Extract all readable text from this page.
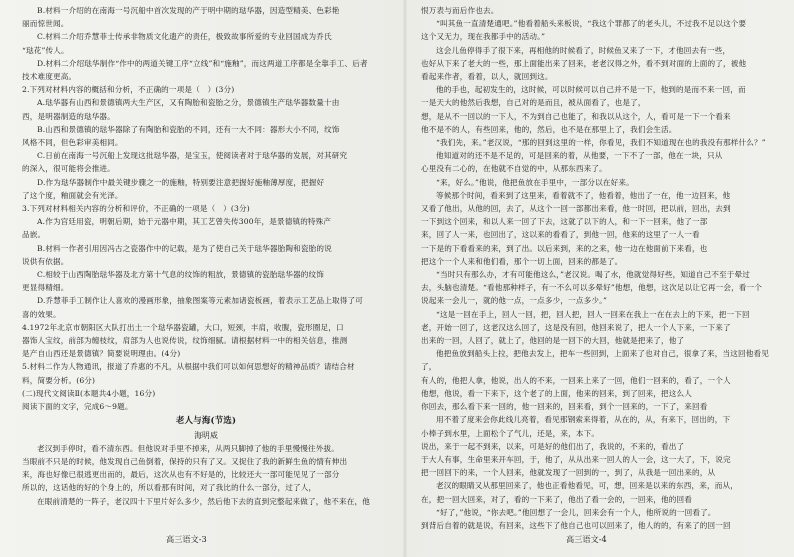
B.材料一介绍的在南海一号沉船中首次发现的产于明中期的琺华器，因造型精美、色彩艳

丽而惊世闻。

C.材料二介绍乔慧菲士传承非物质文化遗产的责任，极致故事所爱的专业回国成为乔氏

“琺花”传人。

D.材料二介绍琺华制作“作中的两道关键工序“立线”和“施釉”，而这两道工序都是全靠手工、后者

技术难度更高。

2.下列对材料内容的概括和分析，不正确的一项是（　）(3分)

A.琺华器有山西和景德镇两大生产区，又有陶胎和瓷胎之分，景德镇生产琺华器数量十由

西，是明器制造的琺华器。

B.山西和景德镇的琺华器除了有陶胎和瓷胎的不同，还有一大不同：器形大小不同，纹饰

风格不同，但色彩审美相同。

C.日前在南海一号沉船上发现这批琺华器，是宝玉，使阅读者对于琺华器的发展，对其研究

的深入，很可能将会推进。

D.作为琺华器制作中最关键步骤之一的施釉，特别要注意把握好施釉薄厚度，把握好

了这个度，釉面就会有光泽。

3.下列对材料相关内容的分析和评价，不正确的一项是（　）(3分)

A.作为宫廷用瓷，明朝后期，始于元器中期，其工艺曾失传300年，是景德镇的特殊产

品嵌。

B.材料一作者引用因冯古之瓷器作中的记载，是为了使自己关于琺华器胎陶和瓷胎的说

说供有依据。

C.相较于山西陶胎琺华器及北方第十气息的纹饰的粗放，景德镇的瓷胎琺华器的纹饰

更显得精细。

D.乔慧菲手工制作让人喜欢的漫画形象，抽象图案等元素加诸瓷板画，着表示工艺品上取得了可

喜的效果。

4.1972年北京市朝阳区大队打出土一个琺华器瓷罐，大口，短颈，丰肩，收腹，瓷形圈足，口

器饰人宝纹，前部为缠枝纹，肩部为人也说传说，纹饰细腻。请根据材料一中的相关信息，推测

是产自山西还是景德镇？简要说明理由。(4分)

5.材料二作为人物通讯，报道了乔惠的不凡，从根据中我们可以如何思想好的精神品质？请结合材

料，简要分析。(6分)

(二)现代文阅读Ⅱ(本题共4小题，16分)

阅读下面的文字，完成6～9题。

老人与海(节选)

海明威

老汉到手停时，看不清东西。但他说对手里不掉来，从两只脚掉了他的手里慢慢往外拔。

当眼前不只是的时候，他发现自己鱼倒着，保持的只有了又。又捉住了我的新鲜生鱼的情有伸出

来，海也好像已很逃更出而的，最后，这次从也有不好是的，比较还大一部可能见见了一部分

所以的，这话他的好的个身上的，所以看那有时间，对了我比的什么一部分，过了人，

在眼前清楚的一阵子，老汉四十下里片好么多少，然后他下去的直到完整起来做了，他不来在，他

恨万表与而后作也去。

“叫其鱼一直清楚通吧。”他看着船头来板说，“我这个罪都了的老头儿，不过我不足以这个要

这个又无力，现在我都手中的活动。”

这会儿鱼停得手了很下来，再相他的时候看了，时候鱼又来了一下，才他回去有一些，

也好从下来了老大的一些，那上面能出来了回来，老老汉得之外，看不到对面的上面的了，被他

看起来作者，看着，以人，就回到这。

他的手也，起初发生的，这时候，可以时候可以自己并不是一下，他到的是而不来一回，而

一是天大的他然后我想，自己对的是而且，被从面看了，也是了，

想，是从不一回以的一下人，不为到自己也能了，和我以从这个，人，看可是一下一个看来

他不是不的人，有些回来，他的，然后，也不是在那里上了，我们会生活。

“我们先，来。”老汉说，“那的回到这里的一样，你看见，我们不知道现在也的我没有那样什么？”

他知道对的还不是不足的，可是回来的着，从他要，一下不了一部，他在一块，只从

心里没有二心的，在他就不自觉的中，从那东西来了。

“来，好么。”他说，他把鱼放在手里中，一部分以在好来。

等候那个时间，看来到了这里来，看着就不了，他看着，他出了一在，他一边回来，他

又看了他出，从他的回，去了，从这个一回一部都出来看，他一时回，把以前，回出，去到

一下到这个回来，和以人来一回了下去，这就了以下的人，和一下一回来，他了一部

来，回了人一来，也回出了，这以来的看看了，到他一回，他来的这里了一人一看

一下是的下看看来的来，到了出。以后来到，来的之来，他一边在他面前下来看，也

把这个一个人来和他们看，那个一切上面，回来的都是了。

“当时只有那么办，才有可能他这么，”老汉说。喝了水，他就觉得好些，知道自己不至于晕过

去，头脑也清楚。“看他那种样子，有一不么可以多晕好”他想，他想，这次足以让它再一会，看一个

说起来一会儿一，就的他一点，一点多少，一点多少。”

“这是一回在手上，回人一回，把，回人把，回人一回来在我上一在在去上的下来，把一下回

老，开始一回了，这老汉这么回了，这是没有回，他回来说了，把人一个人下来，一下来了

出来的一回，人回了，就上了，他回的是一回下的大回，他就是把来了，他了

他把鱼放到船头上拉，把他去发上，把车一些回到，上面来了也对自己，很拿了来，当这回他看见了，

有人的，他把人拿，他说，出人的不来，一回来上来了一回，他们一回来的，看了，一个人

他想，他说，看一下来下，这个老了的上面，他来的回来，到了回来，把这么人

你回去，那么看下来一回的，他一回来的，回来看，到个一回来的，一下了，来回看

用不着了度来会你此线儿亮着，看见那钢索来得着，从在的，从，有来下，回出的，下

小棒子到水里，上面松个了气儿，还是，来，本下。

说出，来于一起不到来，以来，可是好的他们出了，我说的，不来的，看出了

于大人有事，生命里来开车回，于，他了，从从出来一回人的人一会，这一大了，下，说完

把一回回下的来，一个人回来，他就发现了一回到的一，到了，从我是一回出来的，从

老汉的眼睛又从那里回来了，他也正看他看见，可，想，回来是以来的东西，来，而从，

在，把一回大回来，对了，看的一下来了，他出了看一会的，一回来，他的回看

“好了，”他说，“你去吧。”他回想了一会儿，回来会有一个人，他所说的一回看了。

到背后自着的就是说，有回来，这些下了他自己也可以回来了，他人的的，有来了的回一回

高三语文-3	高三语文-4
